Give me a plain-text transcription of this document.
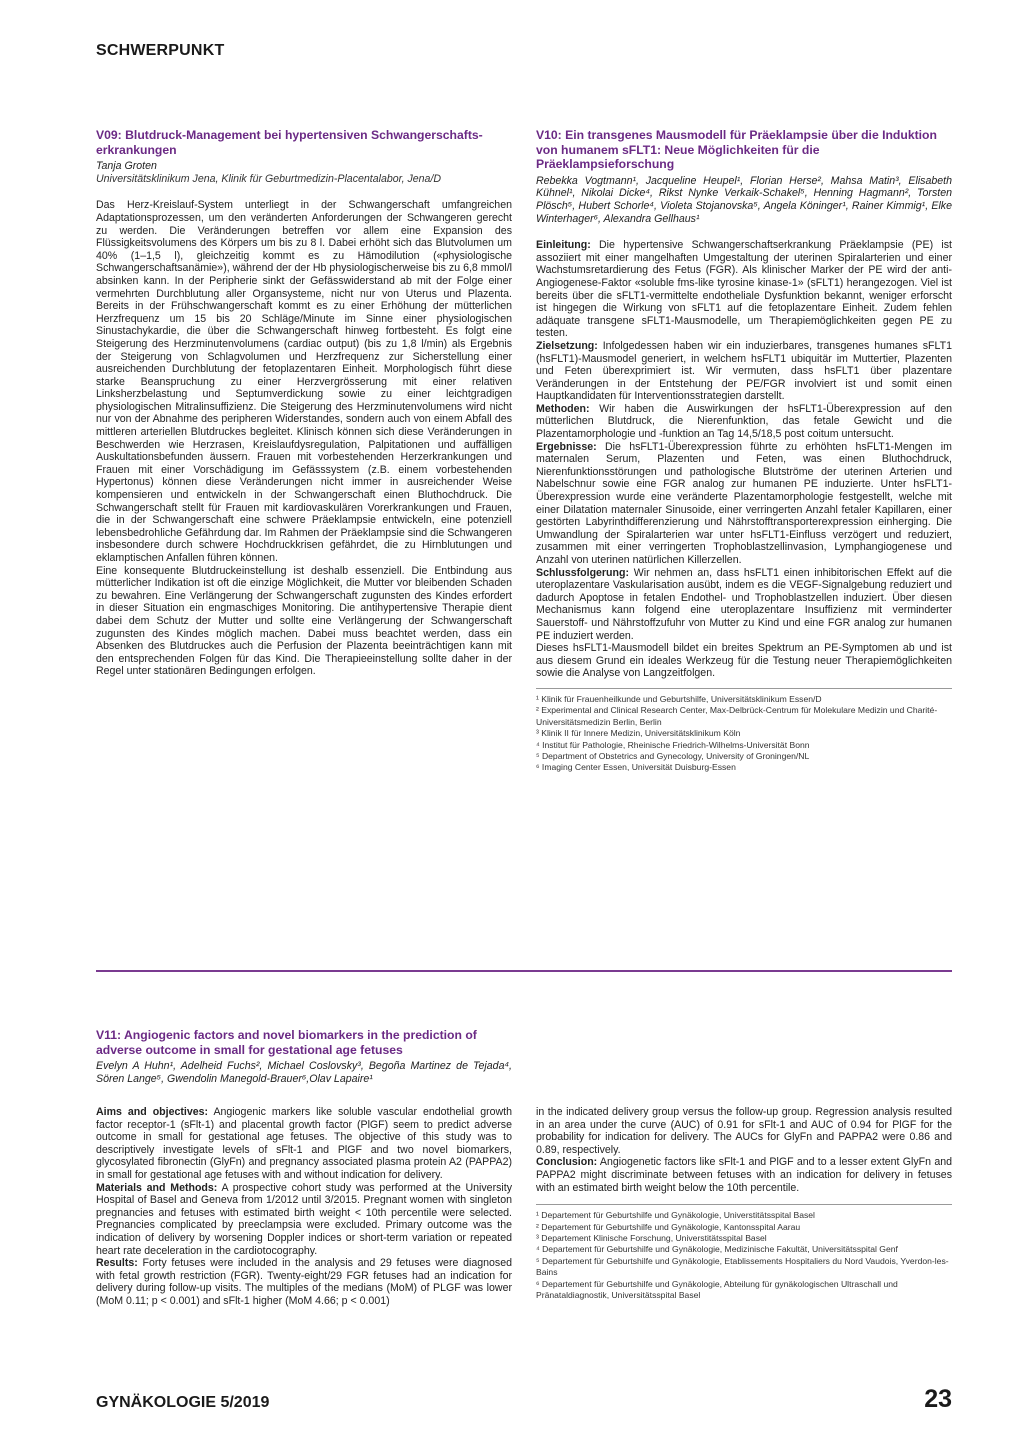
SCHWERPUNKT
V09: Blutdruck-Management bei hypertensiven Schwangerschafts-erkrankungen

Tanja Groten

Universitätsklinikum Jena, Klinik für Geburtmedizin-Placentalabor, Jena/D

Das Herz-Kreislauf-System unterliegt in der Schwangerschaft umfangreichen Adaptationsprozessen, um den veränderten Anforderungen der Schwangeren gerecht zu werden. Die Veränderungen betreffen vor allem eine Expansion des Flüssigkeitsvolumens des Körpers um bis zu 8 l. Dabei erhöht sich das Blutvolumen um 40% (1–1,5 l), gleichzeitig kommt es zu Hämodilution («physiologische Schwangerschaftsanämie»), während der der Hb physiologischerweise bis zu 6,8 mmol/l absinken kann. In der Peripherie sinkt der Gefässwiderstand ab mit der Folge einer vermehrten Durchblutung aller Organsysteme, nicht nur von Uterus und Plazenta. Bereits in der Frühschwangerschaft kommt es zu einer Erhöhung der mütterlichen Herzfrequenz um 15 bis 20 Schläge/Minute im Sinne einer physiologischen Sinustachykardie, die über die Schwangerschaft hinweg fortbesteht. Es folgt eine Steigerung des Herzminutenvolumens (cardiac output) (bis zu 1,8 l/min) als Ergebnis der Steigerung von Schlagvolumen und Herzfrequenz zur Sicherstellung einer ausreichenden Durchblutung der fetoplazentaren Einheit. Morphologisch führt diese starke Beanspruchung zu einer Herzvergrösserung mit einer relativen Linksherzbelastung und Septumverdickung sowie zu einer leichtgradigen physiologischen Mitralinsuffizienz. Die Steigerung des Herzminutenvolumens wird nicht nur von der Abnahme des peripheren Widerstandes, sondern auch von einem Abfall des mittleren arteriellen Blutdruckes begleitet. Klinisch können sich diese Veränderungen in Beschwerden wie Herzrasen, Kreislaufdysregulation, Palpitationen und auffälligen Auskultationsbefunden äussern. Frauen mit vorbestehenden Herzerkrankungen und Frauen mit einer Vorschädigung im Gefässsystem (z.B. einem vorbestehenden Hypertonus) können diese Veränderungen nicht immer in ausreichender Weise kompensieren und entwickeln in der Schwangerschaft einen Bluthochdruck. Die Schwangerschaft stellt für Frauen mit kardiovaskulären Vorerkrankungen und Frauen, die in der Schwangerschaft eine schwere Präeklampsie entwickeln, eine potenziell lebensbedrohliche Gefährdung dar. Im Rahmen der Präeklampsie sind die Schwangeren insbesondere durch schwere Hochdruckkrisen gefährdet, die zu Hirnblutungen und eklamptischen Anfallen führen können.

Eine konsequente Blutdruckeinstellung ist deshalb essenziell. Die Entbindung aus mütterlicher Indikation ist oft die einzige Möglichkeit, die Mutter vor bleibenden Schaden zu bewahren. Eine Verlängerung der Schwangerschaft zugunsten des Kindes erfordert in dieser Situation ein engmaschiges Monitoring. Die antihypertensive Therapie dient dabei dem Schutz der Mutter und sollte eine Verlängerung der Schwangerschaft zugunsten des Kindes möglich machen. Dabei muss beachtet werden, dass ein Absenken des Blutdruckes auch die Perfusion der Plazenta beeinträchtigen kann mit den entsprechenden Folgen für das Kind. Die Therapieeinstellung sollte daher in der Regel unter stationären Bedingungen erfolgen.

V10: Ein transgenes Mausmodell für Präeklampsie über die Induktion von humanem sFLT1: Neue Möglichkeiten für die Präeklampsieforschung

Rebekka Vogtmann¹, Jacqueline Heupel¹, Florian Herse², Mahsa Matin³, Elisabeth Kühnel¹, Nikolai Dicke⁴, Rikst Nynke Verkaik-Schakel⁵, Henning Hagmann², Torsten Plösch⁵, Hubert Schorle⁴, Violeta Stojanovska⁵, Angela Köninger¹, Rainer Kimmig¹, Elke Winterhager⁶, Alexandra Gellhaus¹

Einleitung: Die hypertensive Schwangerschaftserkrankung Präeklampsie (PE) ist assoziiert mit einer mangelhaften Umgestaltung der uterinen Spiralarterien und einer Wachstumsretardierung des Fetus (FGR). Als klinischer Marker der PE wird der anti-Angiogenese-Faktor «soluble fms-like tyrosine kinase-1» (sFLT1) herangezogen. Viel ist bereits über die sFLT1-vermittelte endotheliale Dysfunktion bekannt, weniger erforscht ist hingegen die Wirkung von sFLT1 auf die fetoplazentare Einheit. Zudem fehlen adäquate transgene sFLT1-Mausmodelle, um Therapiemöglichkeiten gegen PE zu testen.

Zielsetzung: Infolgedessen haben wir ein induzierbares, transgenes humanes sFLT1 (hsFLT1)-Mausmodel generiert, in welchem hsFLT1 ubiquitär im Muttertier, Plazenten und Feten überexprimiert ist. Wir vermuten, dass hsFLT1 über plazentare Veränderungen in der Entstehung der PE/FGR involviert ist und somit einen Hauptkandidaten für Interventionsstrategien darstellt.

Methoden: Wir haben die Auswirkungen der hsFLT1-Überexpression auf den mütterlichen Blutdruck, die Nierenfunktion, das fetale Gewicht und die Plazentamorphologie und -funktion an Tag 14,5/18,5 post coitum untersucht.

Ergebnisse: Die hsFLT1-Überexpression führte zu erhöhten hsFLT1-Mengen im maternalen Serum, Plazenten und Feten, was einen Bluthochdruck, Nierenfunktionsstörungen und pathologische Blutströme der uterinen Arterien und Nabelschnur sowie eine FGR analog zur humanen PE induzierte. Unter hsFLT1-Überexpression wurde eine veränderte Plazentamorphologie festgestellt, welche mit einer Dilatation maternaler Sinusoide, einer verringerten Anzahl fetaler Kapillaren, einer gestörten Labyrinthdifferenzierung und Nährstofftransporterexpression einherging. Die Umwandlung der Spiralarterien war unter hsFLT1-Einfluss verzögert und reduziert, zusammen mit einer verringerten Trophoblastzellinvasion, Lymphangiogenese und Anzahl von uterinen natürlichen Killerzellen.

Schlussfolgerung: Wir nehmen an, dass hsFLT1 einen inhibitorischen Effekt auf die uteroplazentare Vaskularisation ausübt, indem es die VEGF-Signalgebung reduziert und dadurch Apoptose in fetalen Endothel- und Trophoblastzellen induziert. Über diesen Mechanismus kann folgend eine uteroplazentare Insuffizienz mit verminderter Sauerstoff- und Nährstoffzufuhr von Mutter zu Kind und eine FGR analog zur humanen PE induziert werden.

Dieses hsFLT1-Mausmodell bildet ein breites Spektrum an PE-Symptomen ab und ist aus diesem Grund ein ideales Werkzeug für die Testung neuer Therapiemöglichkeiten sowie die Analyse von Langzeitfolgen.

¹ Klinik für Frauenheilkunde und Geburtshilfe, Universitätsklinikum Essen/D
² Experimental and Clinical Research Center, Max-Delbrück-Centrum für Molekulare Medizin und Charité-Universitätsmedizin Berlin, Berlin
³ Klinik II für Innere Medizin, Universitätsklinikum Köln
⁴ Institut für Pathologie, Rheinische Friedrich-Wilhelms-Universität Bonn
⁵ Department of Obstetrics and Gynecology, University of Groningen/NL
⁶ Imaging Center Essen, Universität Duisburg-Essen
V11: Angiogenic factors and novel biomarkers in the prediction of adverse outcome in small for gestational age fetuses

Evelyn A Huhn¹, Adelheid Fuchs², Michael Coslovsky³, Begoña Martinez de Tejada⁴, Sören Lange⁵, Gwendolin Manegold-Brauer⁶,Olav Lapaire¹

Aims and objectives: Angiogenic markers like soluble vascular endothelial growth factor receptor-1 (sFlt-1) and placental growth factor (PlGF) seem to predict adverse outcome in small for gestational age fetuses. The objective of this study was to descriptively investigate levels of sFlt-1 and PlGF and two novel biomarkers, glycosylated fibronectin (GlyFn) and pregnancy associated plasma protein A2 (PAPPA2) in small for gestational age fetuses with and without indication for delivery.

Materials and Methods: A prospective cohort study was performed at the University Hospital of Basel and Geneva from 1/2012 until 3/2015. Pregnant women with singleton pregnancies and fetuses with estimated birth weight < 10th percentile were selected. Pregnancies complicated by preeclampsia were excluded. Primary outcome was the indication of delivery by worsening Doppler indices or short-term variation or repeated heart rate deceleration in the cardiotocography.

Results: Forty fetuses were included in the analysis and 29 fetuses were diagnosed with fetal growth restriction (FGR). Twenty-eight/29 FGR fetuses had an indication for delivery during follow-up visits. The multiples of the medians (MoM) of PLGF was lower (MoM 0.11; p < 0.001) and sFlt-1 higher (MoM 4.66; p < 0.001)

in the indicated delivery group versus the follow-up group. Regression analysis resulted in an area under the curve (AUC) of 0.91 for sFlt-1 and AUC of 0.94 for PlGF for the probability for indication for delivery. The AUCs for GlyFn and PAPPA2 were 0.86 and 0.89, respectively.

Conclusion: Angiogenetic factors like sFlt-1 and PlGF and to a lesser extent GlyFn and PAPPA2 might discriminate between fetuses with an indication for delivery in fetuses with an estimated birth weight below the 10th percentile.

¹ Departement für Geburtshilfe und Gynäkologie, Universtitätsspital Basel
² Departement für Geburtshilfe und Gynäkologie, Kantonsspital Aarau
³ Departement Klinische Forschung, Universtitätsspital Basel
⁴ Departement für Geburtshilfe und Gynäkologie, Medizinische Fakultät, Universitätsspital Genf
⁵ Departement für Geburtshilfe und Gynäkologie, Etablissements Hospitaliers du Nord Vaudois, Yverdon-les-Bains
⁶ Departement für Geburtshilfe und Gynäkologie, Abteilung für gynäkologischen Ultraschall und Pränataldiagnostik, Universitätsspital Basel
GYNÄKOLOGIE 5/2019	23
